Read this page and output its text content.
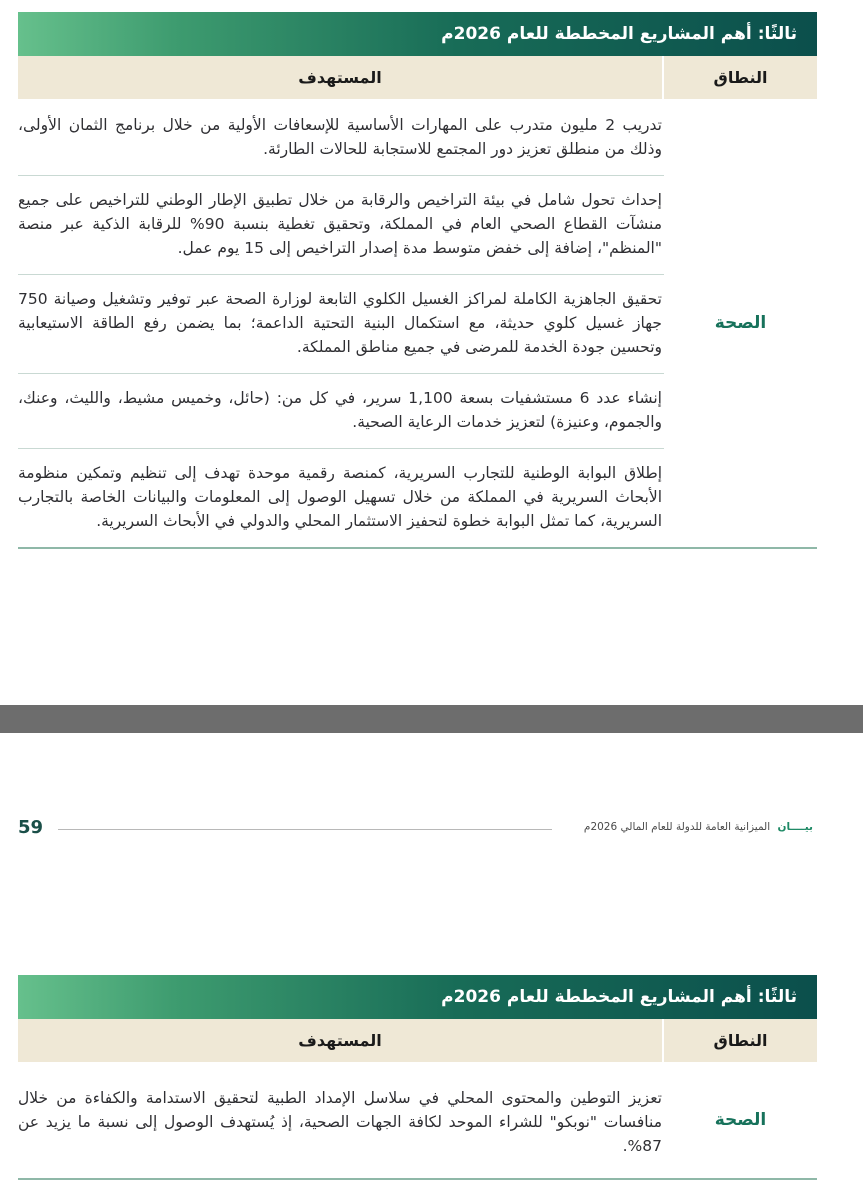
ثالثًا:
أهم المشاريع المخططة للعام 2026م
النطاق
المستهدف
الصحة
تدريب 2 مليون متدرب على المهارات الأساسية للإسعافات الأولية من خلال برنامج الثمان الأولى، وذلك من منطلق تعزيز دور المجتمع للاستجابة للحالات الطارئة.
إحداث تحول شامل في بيئة التراخيص والرقابة من خلال تطبيق الإطار الوطني للتراخيص على جميع منشآت القطاع الصحي العام في المملكة، وتحقيق تغطية بنسبة 90% للرقابة الذكية عبر منصة "المنظم"، إضافة إلى خفض متوسط مدة إصدار التراخيص إلى 15 يوم عمل.
تحقيق الجاهزية الكاملة لمراكز الغسيل الكلوي التابعة لوزارة الصحة عبر توفير وتشغيل وصيانة 750 جهاز غسيل كلوي حديثة، مع استكمال البنية التحتية الداعمة؛ بما يضمن رفع الطاقة الاستيعابية وتحسين جودة الخدمة للمرضى في جميع مناطق المملكة.
إنشاء عدد 6 مستشفيات بسعة 1,100 سرير، في كل من: (حائل، وخميس مشيط، والليث، وعنك، والجموم، وعنيزة) لتعزيز خدمات الرعاية الصحية.
إطلاق البوابة الوطنية للتجارب السريرية، كمنصة رقمية موحدة تهدف إلى تنظيم وتمكين منظومة الأبحاث السريرية في المملكة من خلال تسهيل الوصول إلى المعلومات والبيانات الخاصة بالتجارب السريرية، كما تمثل البوابة خطوة لتحفيز الاستثمار المحلي والدولي في الأبحاث السريرية.
59	بيــــان الميزانية العامة للدولة للعام المالي 2026م
ثالثًا:
أهم المشاريع المخططة للعام 2026م
النطاق
المستهدف
الصحة
تعزيز التوطين والمحتوى المحلي في سلاسل الإمداد الطبية لتحقيق الاستدامة والكفاءة من خلال منافسات "نوبكو" للشراء الموحد لكافة الجهات الصحية، إذ يُستهدف الوصول إلى نسبة ما يزيد عن 87%.
